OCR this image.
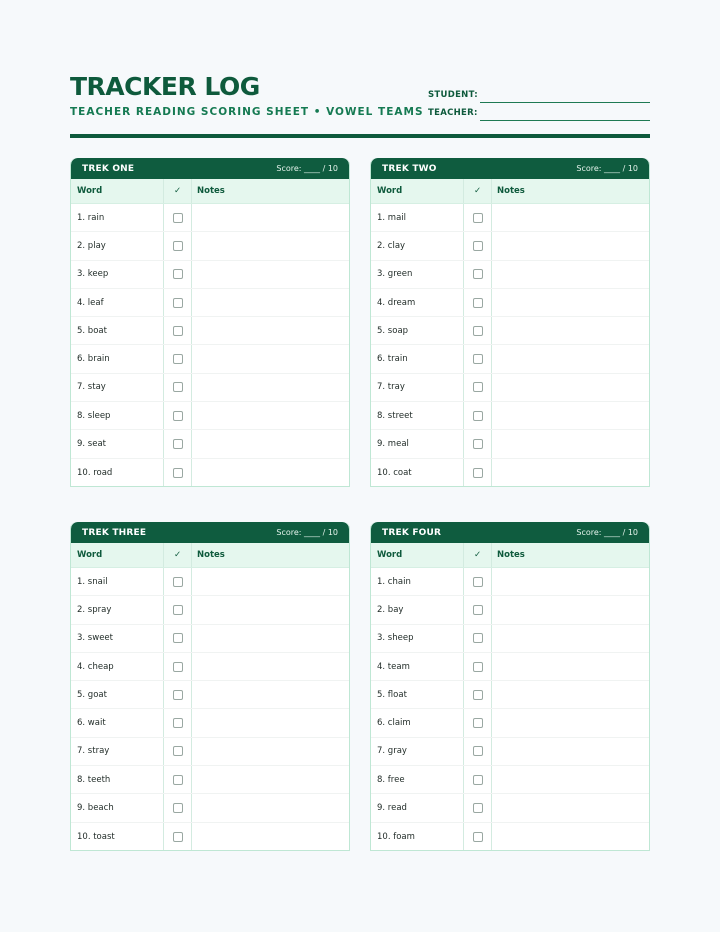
TRACKER LOG
TEACHER READING SCORING SHEET • VOWEL TEAMS
STUDENT:
TEACHER:
TREK ONE	Score: ____ / 10
Word	✓	Notes
1. rain
2. play
3. keep
4. leaf
5. boat
6. brain
7. stay
8. sleep
9. seat
10. road
TREK TWO	Score: ____ / 10
Word	✓	Notes
1. mail
2. clay
3. green
4. dream
5. soap
6. train
7. tray
8. street
9. meal
10. coat
TREK THREE	Score: ____ / 10
Word	✓	Notes
1. snail
2. spray
3. sweet
4. cheap
5. goat
6. wait
7. stray
8. teeth
9. beach
10. toast
TREK FOUR	Score: ____ / 10
Word	✓	Notes
1. chain
2. bay
3. sheep
4. team
5. float
6. claim
7. gray
8. free
9. read
10. foam
